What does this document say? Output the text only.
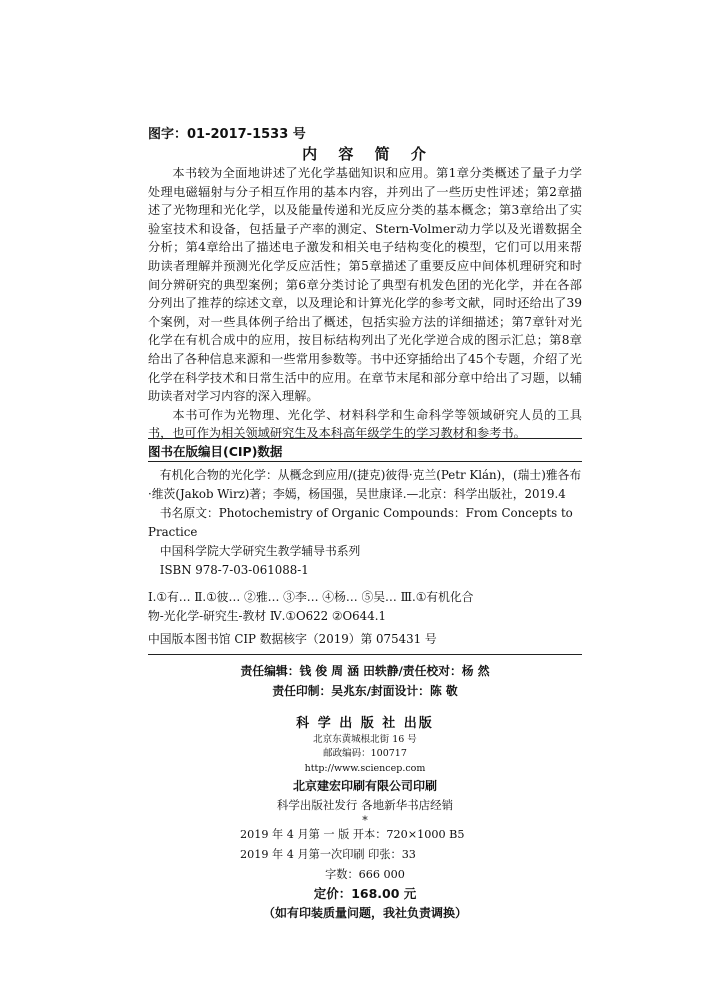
图字：01-2017-1533 号
内 容 简 介

本书较为全面地讲述了光化学基础知识和应用。第1章分类概述了量子力学处理电磁辐射与分子相互作用的基本内容，并列出了一些历史性评述；第2章描述了光物理和光化学，以及能量传递和光反应分类的基本概念；第3章给出了实验室技术和设备，包括量子产率的测定、Stern-Volmer动力学以及光谱数据全分析；第4章给出了描述电子激发和相关电子结构变化的模型，它们可以用来帮助读者理解并预测光化学反应活性；第5章描述了重要反应中间体机理研究和时间分辨研究的典型案例；第6章分类讨论了典型有机发色团的光化学，并在各部分列出了推荐的综述文章，以及理论和计算光化学的参考文献，同时还给出了39个案例，对一些具体例子给出了概述，包括实验方法的详细描述；第7章针对光化学在有机合成中的应用，按目标结构列出了光化学逆合成的图示汇总；第8章给出了各种信息来源和一些常用参数等。书中还穿插给出了45个专题，介绍了光化学在科学技术和日常生活中的应用。在章节末尾和部分章中给出了习题，以辅助读者对学习内容的深入理解。

本书可作为光物理、光化学、材料科学和生命科学等领域研究人员的工具书，也可作为相关领域研究生及本科高年级学生的学习教材和参考书。

图书在版编目(CIP)数据

有机化合物的光化学：从概念到应用/(捷克)彼得·克兰(Petr Klán)，(瑞士)雅各布·维茨(Jakob Wirz)著；李嫣，杨国强，吴世康译.—北京：科学出版社，2019.4

书名原文：Photochemistry of Organic Compounds：From Concepts to Practice

中国科学院大学研究生教学辅导书系列

ISBN 978-7-03-061088-1

Ⅰ.①有… Ⅱ.①彼… ②雅… ③李… ④杨… ⑤吴… Ⅲ.①有机化合

物-光化学-研究生-教材 Ⅳ.①O622 ②O644.1

中国版本图书馆 CIP 数据核字（2019）第 075431 号
责任编辑：钱 俊 周 涵 田轶静/责任校对：杨 然
责任印制：吴兆东/封面设计：陈 敬
科 学 出 版 社 出版
北京东黄城根北街 16 号
邮政编码：100717
http://www.sciencep.com
北京建宏印刷有限公司印刷
科学出版社发行 各地新华书店经销
*
2019 年 4 月第 一 版 开本：720×1000 B5
2019 年 4 月第一次印刷 印张：33
字数：666 000
定价：168.00 元
（如有印装质量问题，我社负责调换）
